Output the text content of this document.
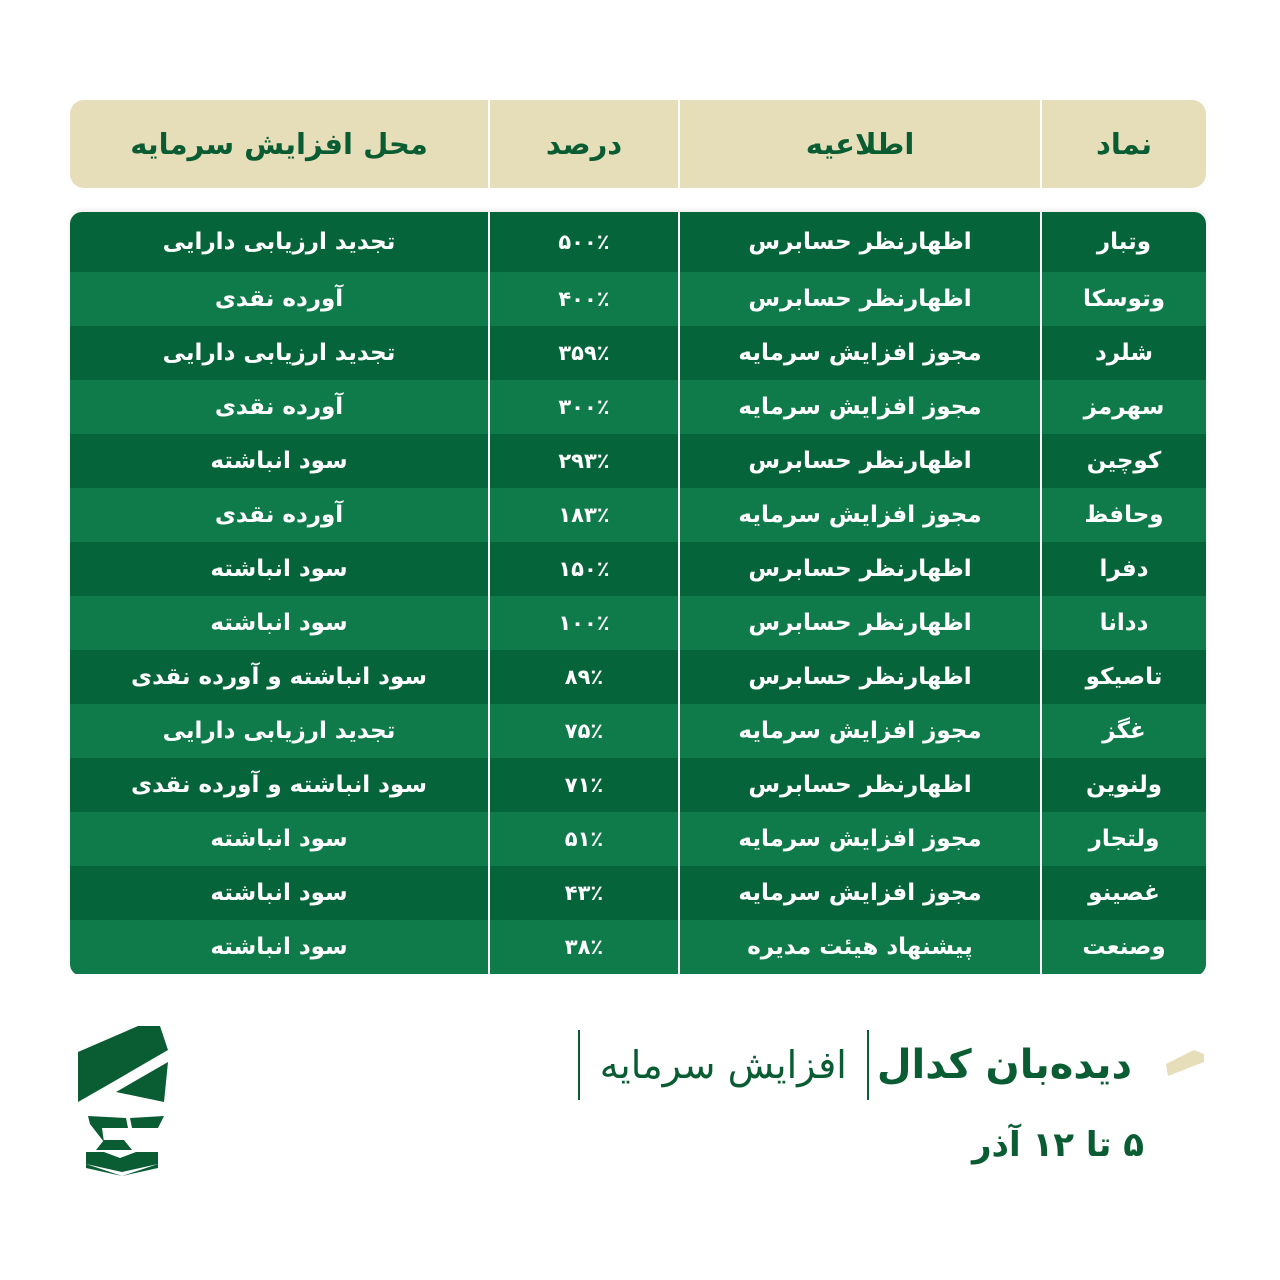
نماد
اطلاعیه
درصد
محل افزایش سرمایه
وتبار
اظهارنظر حسابرس
۵۰۰٪
تجدید ارزیابی دارایی
وتوسکا
اظهارنظر حسابرس
۴۰۰٪
آورده نقدی
شلرد
مجوز افزایش سرمایه
۳۵۹٪
تجدید ارزیابی دارایی
سهرمز
مجوز افزایش سرمایه
۳۰۰٪
آورده نقدی
کوچین
اظهارنظر حسابرس
۲۹۳٪
سود انباشته
وحافظ
مجوز افزایش سرمایه
۱۸۳٪
آورده نقدی
دفرا
اظهارنظر حسابرس
۱۵۰٪
سود انباشته
ددانا
اظهارنظر حسابرس
۱۰۰٪
سود انباشته
تاصیکو
اظهارنظر حسابرس
۸۹٪
سود انباشته و آورده نقدی
غگز
مجوز افزایش سرمایه
۷۵٪
تجدید ارزیابی دارایی
ولنوین
اظهارنظر حسابرس
۷۱٪
سود انباشته و آورده نقدی
ولتجار
مجوز افزایش سرمایه
۵۱٪
سود انباشته
غصینو
مجوز افزایش سرمایه
۴۳٪
سود انباشته
وصنعت
پیشنهاد هیئت مدیره
۳۸٪
سود انباشته
دیده‌بان کدال
افزایش سرمایه
۵ تا ۱۲ آذر
